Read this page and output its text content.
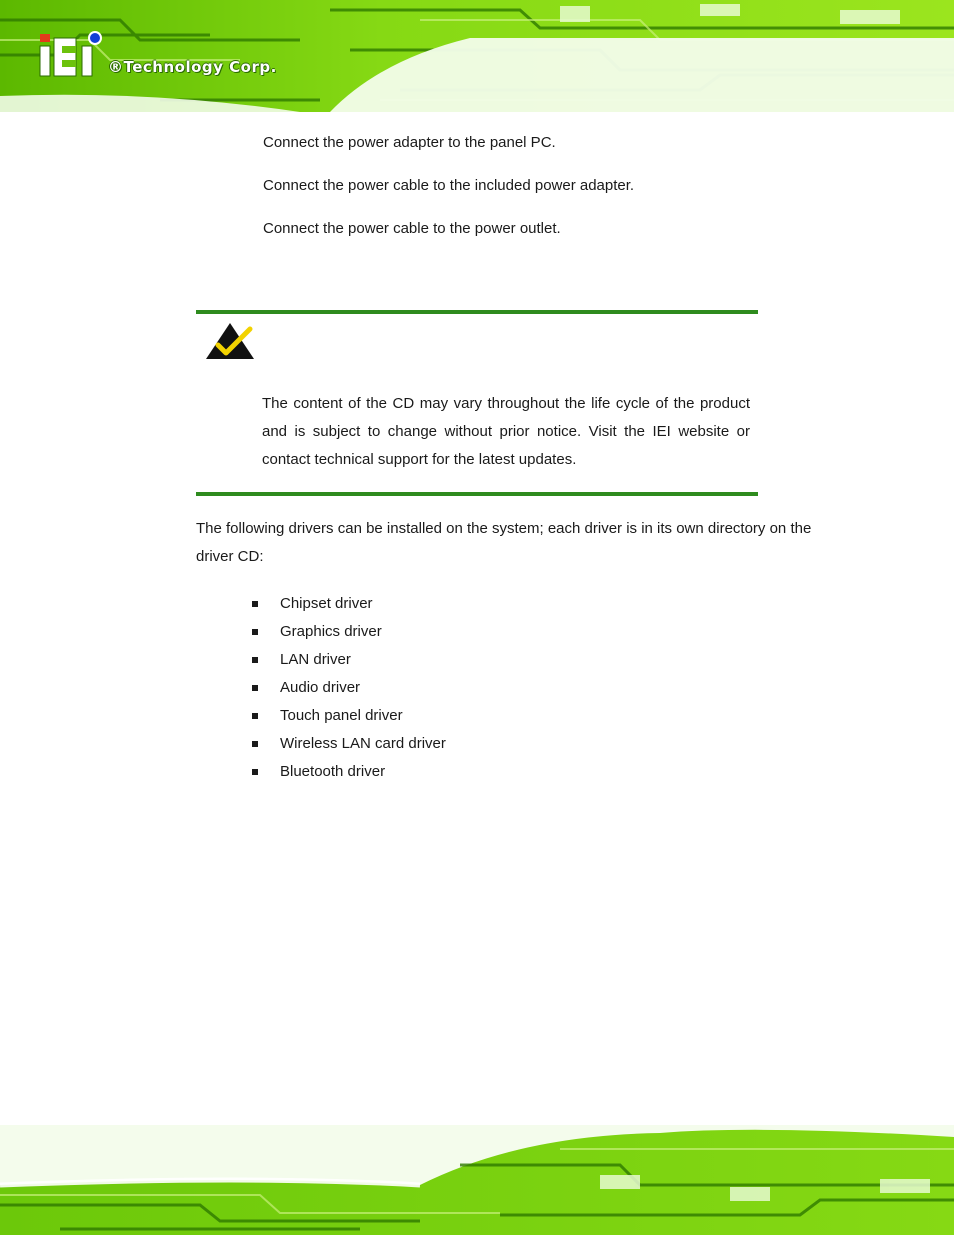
®Technology Corp.
Connect the power adapter to the panel PC.
Connect the power cable to the included power adapter.
Connect the power cable to the power outlet.

The content of the CD may vary throughout the life cycle of the product and is subject to change without prior notice. Visit the IEI website or contact technical support for the latest updates.

The following drivers can be installed on the system; each driver is in its own directory on the driver CD:

Chipset driver
Graphics driver
LAN driver
Audio driver
Touch panel driver
Wireless LAN card driver
Bluetooth driver
